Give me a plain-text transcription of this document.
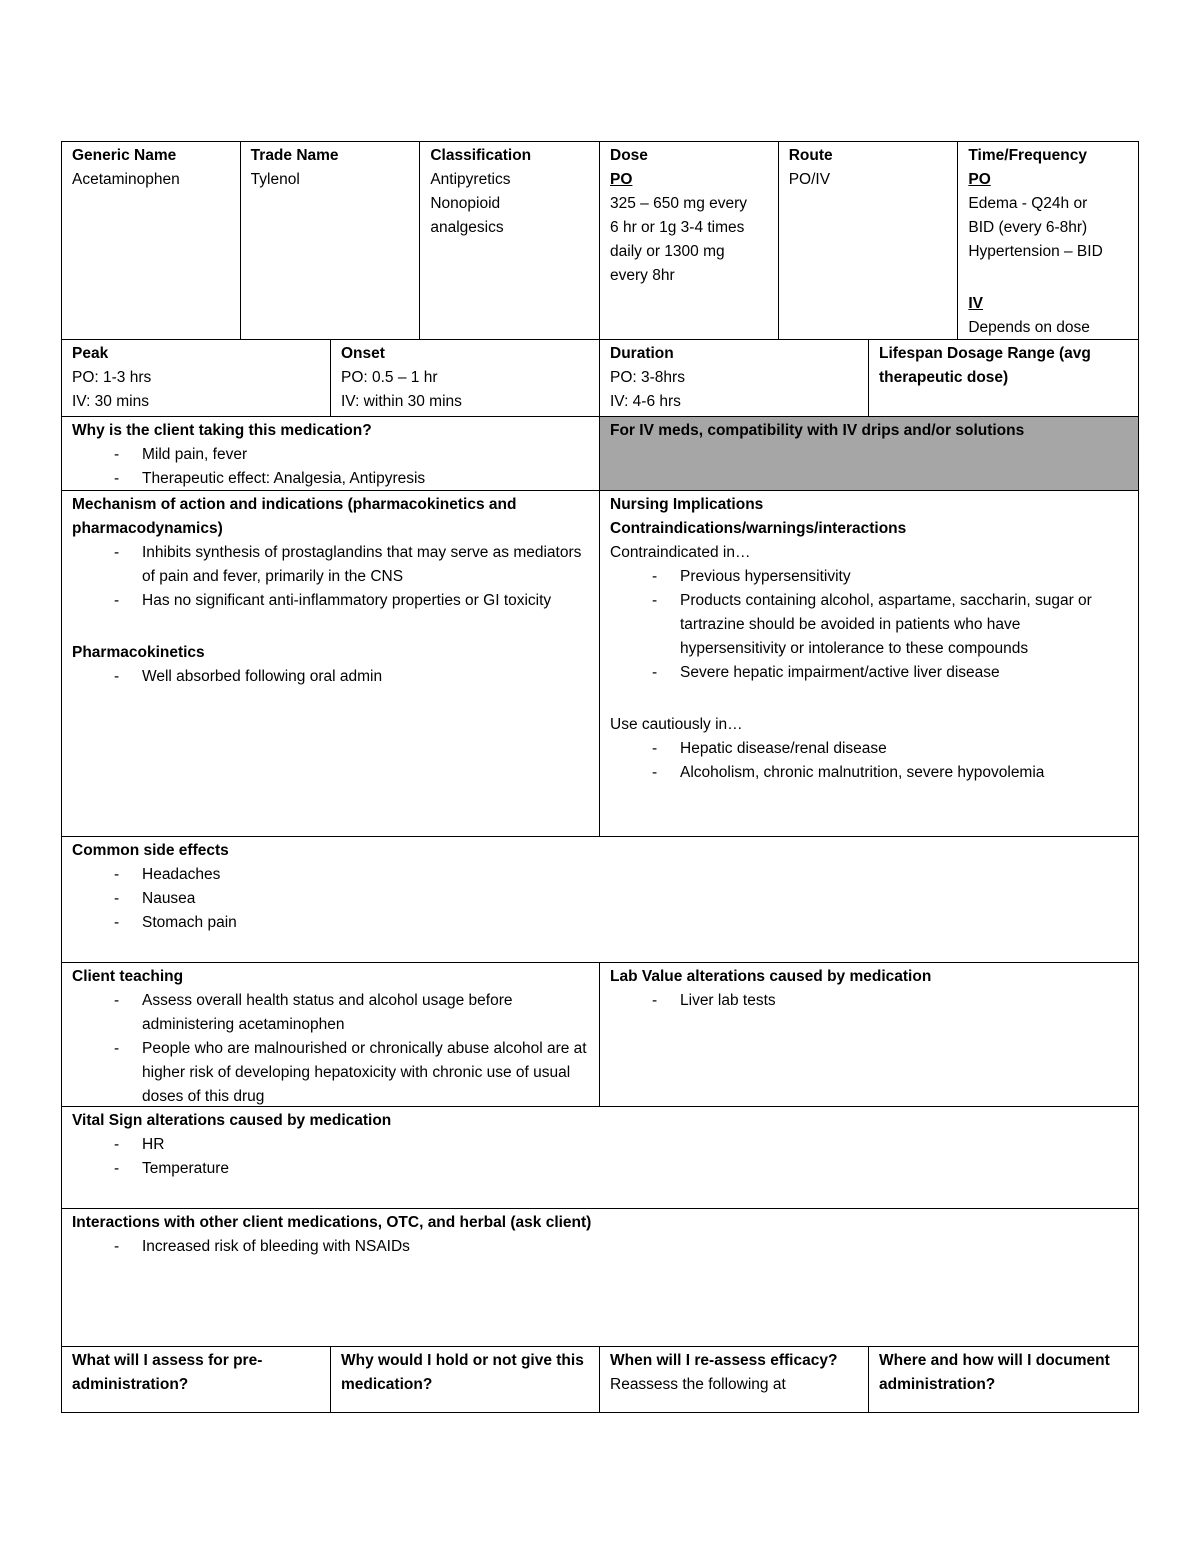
Generic Name
Acetaminophen
Trade Name
Tylenol
Classification
Antipyretics
Nonopioid
analgesics
Dose
PO
325 – 650 mg every
6 hr or 1g 3-4 times
daily or 1300 mg
every 8hr
Route
PO/IV
Time/Frequency
PO
Edema - Q24h or
BID (every 6-8hr)
Hypertension – BID
IV
Depends on dose
Peak
PO: 1-3 hrs
IV: 30 mins
Onset
PO: 0.5 – 1 hr
IV: within 30 mins
Duration
PO: 3-8hrs
IV: 4-6 hrs
Lifespan Dosage Range (avg therapeutic dose)
Why is the client taking this medication?
- Mild pain, fever
- Therapeutic effect: Analgesia, Antipyresis
For IV meds, compatibility with IV drips and/or solutions
Mechanism of action and indications (pharmacokinetics and pharmacodynamics)
- Inhibits synthesis of prostaglandins that may serve as mediators of pain and fever, primarily in the CNS
- Has no significant anti-inflammatory properties or GI toxicity
Pharmacokinetics
- Well absorbed following oral admin
Nursing Implications
Contraindications/warnings/interactions
Contraindicated in…
- Previous hypersensitivity
- Products containing alcohol, aspartame, saccharin, sugar or tartrazine should be avoided in patients who have hypersensitivity or intolerance to these compounds
- Severe hepatic impairment/active liver disease
Use cautiously in…
- Hepatic disease/renal disease
- Alcoholism, chronic malnutrition, severe hypovolemia
Common side effects
- Headaches
- Nausea
- Stomach pain
Client teaching
- Assess overall health status and alcohol usage before administering acetaminophen
- People who are malnourished or chronically abuse alcohol are at higher risk of developing hepatoxicity with chronic use of usual doses of this drug
Lab Value alterations caused by medication
- Liver lab tests
Vital Sign alterations caused by medication
- HR
- Temperature
Interactions with other client medications, OTC, and herbal (ask client)
- Increased risk of bleeding with NSAIDs
What will I assess for pre-administration?
Why would I hold or not give this medication?
When will I re-assess efficacy?
Reassess the following at
Where and how will I document administration?
